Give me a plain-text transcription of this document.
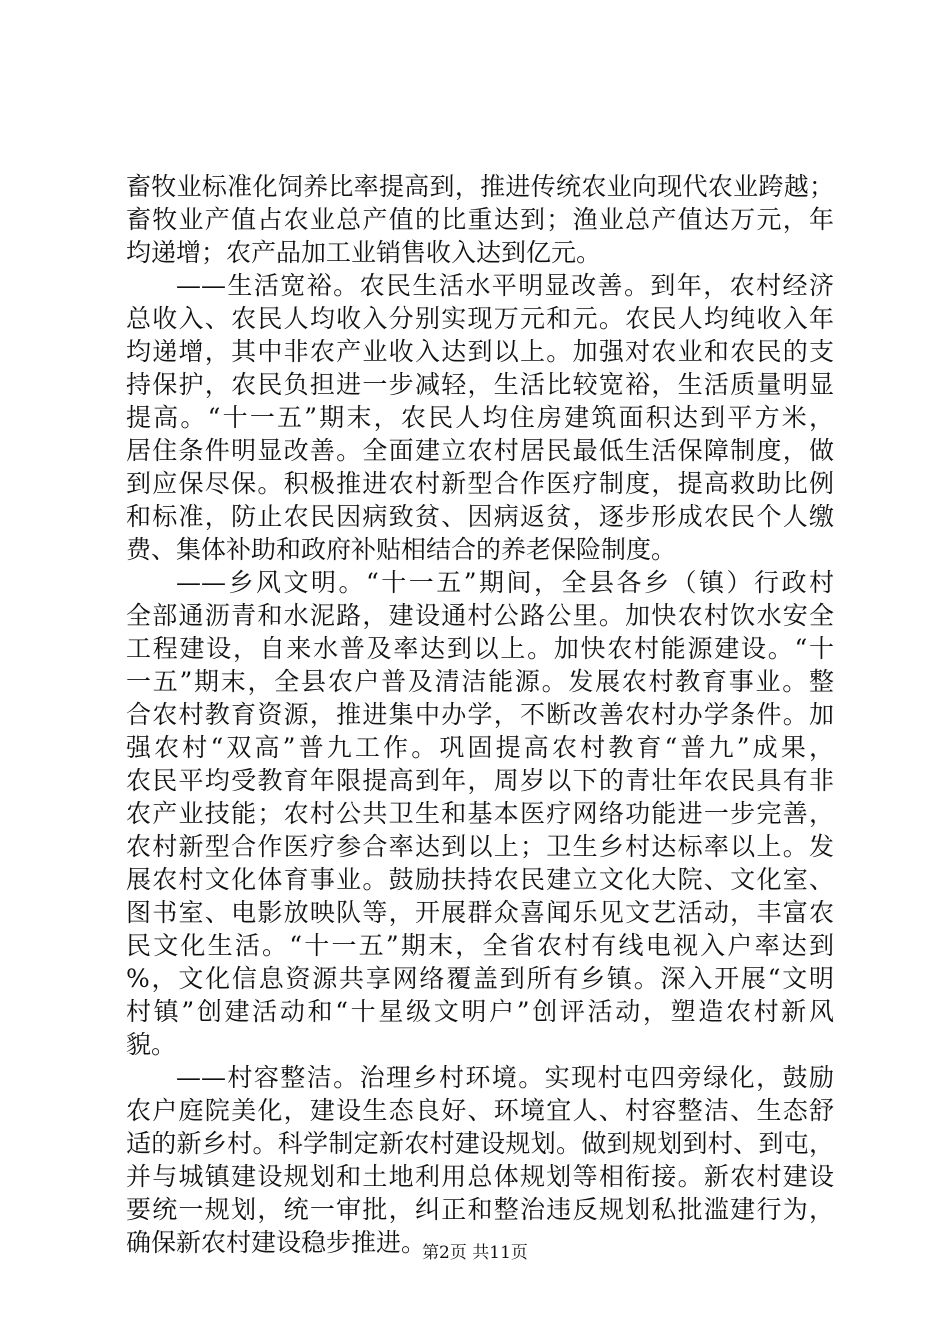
畜牧业标准化饲养比率提高到，推进传统农业向现代农业跨越；
畜牧业产值占农业总产值的比重达到；渔业总产值达万元，年
均递增；农产品加工业销售收入达到亿元。
——生活宽裕。农民生活水平明显改善。到年，农村经济
总收入、农民人均收入分别实现万元和元。农民人均纯收入年
均递增，其中非农产业收入达到以上。加强对农业和农民的支
持保护，农民负担进一步减轻，生活比较宽裕，生活质量明显
提高。“十一五”期末，农民人均住房建筑面积达到平方米，
居住条件明显改善。全面建立农村居民最低生活保障制度，做
到应保尽保。积极推进农村新型合作医疗制度，提高救助比例
和标准，防止农民因病致贫、因病返贫，逐步形成农民个人缴
费、集体补助和政府补贴相结合的养老保险制度。
——乡风文明。“十一五”期间，全县各乡（镇）行政村
全部通沥青和水泥路，建设通村公路公里。加快农村饮水安全
工程建设，自来水普及率达到以上。加快农村能源建设。“十
一五”期末，全县农户普及清洁能源。发展农村教育事业。整
合农村教育资源，推进集中办学，不断改善农村办学条件。加
强农村“双高”普九工作。巩固提高农村教育“普九”成果，
农民平均受教育年限提高到年，周岁以下的青壮年农民具有非
农产业技能；农村公共卫生和基本医疗网络功能进一步完善，
农村新型合作医疗参合率达到以上；卫生乡村达标率以上。发
展农村文化体育事业。鼓励扶持农民建立文化大院、文化室、
图书室、电影放映队等，开展群众喜闻乐见文艺活动，丰富农
民文化生活。“十一五”期末，全省农村有线电视入户率达到
%，文化信息资源共享网络覆盖到所有乡镇。深入开展“文明
村镇”创建活动和“十星级文明户”创评活动，塑造农村新风
貌。
——村容整洁。治理乡村环境。实现村屯四旁绿化，鼓励
农户庭院美化，建设生态良好、环境宜人、村容整洁、生态舒
适的新乡村。科学制定新农村建设规划。做到规划到村、到屯，
并与城镇建设规划和土地利用总体规划等相衔接。新农村建设
要统一规划，统一审批，纠正和整治违反规划私批滥建行为，
确保新农村建设稳步推进。
第2页 共11页
